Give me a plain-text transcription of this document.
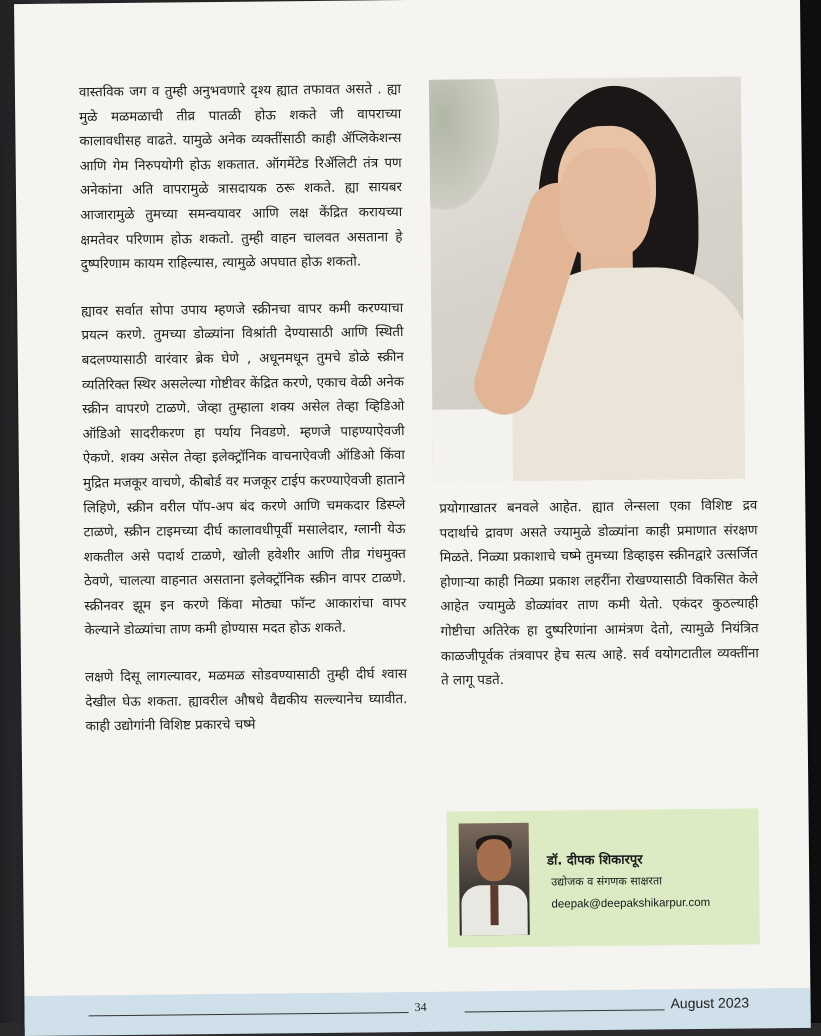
वास्तविक जग व तुम्ही अनुभवणारे दृश्य ह्यात तफावत असते . ह्या मुळे मळमळाची तीव्र पातळी होऊ शकते जी वापराच्या कालावधीसह वाढते. यामुळे अनेक व्यक्तींसाठी काही ॲप्लिकेशन्स आणि गेम निरुपयोगी होऊ शकतात. ऑगमेंटेड रिॲलिटी तंत्र पण अनेकांना अति वापरामुळे त्रासदायक ठरू शकते. ह्या सायबर आजारामुळे तुमच्या समन्वयावर आणि लक्ष केंद्रित करायच्या क्षमतेवर परिणाम होऊ शकतो. तुम्ही वाहन चालवत असताना हे दुष्परिणाम कायम राहिल्यास, त्यामुळे अपघात होऊ शकतो.

ह्यावर सर्वात सोपा उपाय म्हणजे स्क्रीनचा वापर कमी करण्याचा प्रयत्न करणे. तुमच्या डोळ्यांना विश्रांती देण्यासाठी आणि स्थिती बदलण्यासाठी वारंवार ब्रेक घेणे , अधूनमधून तुमचे डोळे स्क्रीन व्यतिरिक्त स्थिर असलेल्या गोष्टीवर केंद्रित करणे, एकाच वेळी अनेक स्क्रीन वापरणे टाळणे. जेव्हा तुम्हाला शक्य असेल तेव्हा व्हिडिओ ऑडिओ सादरीकरण हा पर्याय निवडणे. म्हणजे पाहण्याऐवजी ऐकणे. शक्य असेल तेव्हा इलेक्ट्रॉनिक वाचनाऐवजी ऑडिओ किंवा मुद्रित मजकूर वाचणे, कीबोर्ड वर मजकूर टाईप करण्याऐवजी हाताने लिहिणे, स्क्रीन वरील पॉप-अप बंद करणे आणि चमकदार डिस्प्ले टाळणे, स्क्रीन टाइमच्या दीर्घ कालावधीपूर्वी मसालेदार, ग्लानी येऊ शकतील असे पदार्थ टाळणे, खोली हवेशीर आणि तीव्र गंधमुक्त ठेवणे, चालत्या वाहनात असताना इलेक्ट्रॉनिक स्क्रीन वापर टाळणे. स्क्रीनवर झूम इन करणे किंवा मोठ्या फॉन्ट आकारांचा वापर केल्याने डोळ्यांचा ताण कमी होण्यास मदत होऊ शकते.

लक्षणे दिसू लागल्यावर, मळमळ सोडवण्यासाठी तुम्ही दीर्घ श्वास देखील घेऊ शकता. ह्यावरील औषधे वैद्यकीय सल्ल्यानेच घ्यावीत. काही उद्योगांनी विशिष्ट प्रकारचे चष्मे

प्रयोगाखातर बनवले आहेत. ह्यात लेन्सला एका विशिष्ट द्रव पदार्थाचे द्रावण असते ज्यामुळे डोळ्यांना काही प्रमाणात संरक्षण मिळते. निळ्या प्रकाशाचे चष्मे तुमच्या डिव्हाइस स्क्रीनद्वारे उत्सर्जित होणाऱ्या काही निळ्या प्रकाश लहरींना रोखण्यासाठी विकसित केले आहेत ज्यामुळे डोळ्यांवर ताण कमी येतो. एकंदर कुठल्याही गोष्टीचा अतिरेक हा दुष्परिणांना आमंत्रण देतो, त्यामुळे नियंत्रित काळजीपूर्वक तंत्रवापर हेच सत्य आहे. सर्व वयोगटातील व्यक्तींना ते लागू पडते.

डॉ. दीपक शिकारपूर
उद्योजक व संगणक साक्षरता
deepak@deepakshikarpur.com
34	August 2023
